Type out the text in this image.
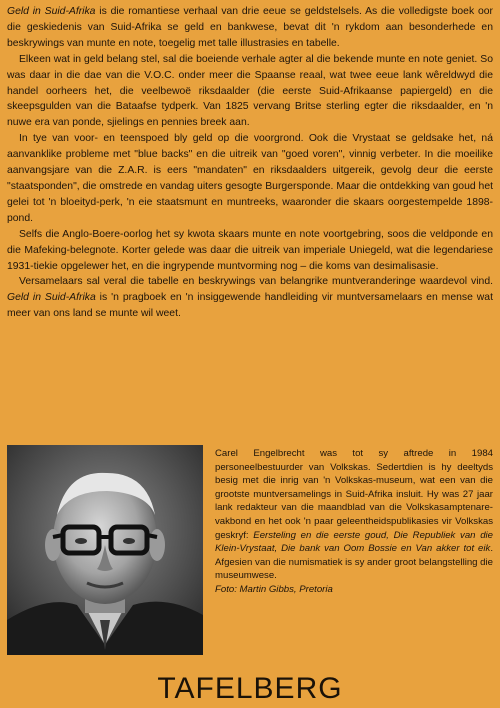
Geld in Suid-Afrika is die romantiese verhaal van drie eeue se geldstelsels. As die volledigste boek oor die geskiedenis van Suid-Afrika se geld en bankwese, bevat dit 'n rykdom aan besonderhede en beskrywings van munte en note, toegelig met talle illustrasies en tabelle.

Elkeen wat in geld belang stel, sal die boeiende verhale agter al die bekende munte en note geniet. So was daar in die dae van die V.O.C. onder meer die Spaanse reaal, wat twee eeue lank wêreldwyd die handel oorheers het, die veelbewoë riksdaalder (die eerste Suid-Afrikaanse papiergeld) en die skeepsgulden van die Bataafse tydperk. Van 1825 vervang Britse sterling egter die riksdaalder, en 'n nuwe era van ponde, sjielings en pennies breek aan.

In tye van voor- en teenspoed bly geld op die voorgrond. Ook die Vrystaat se geldsake het, ná aanvanklike probleme met "blue backs" en die uitreik van "goed voren", vinnig verbeter. In die moeilike aanvangsjare van die Z.A.R. is eers "mandaten" en riksdaalders uitgereik, gevolg deur die eerste "staatsponden", die omstrede en vandag uiters gesogte Burgersponde. Maar die ontdekking van goud het gelei tot 'n bloeityd-perk, 'n eie staatsmunt en muntreeks, waaronder die skaars oorgestempelde 1898-pond.

Selfs die Anglo-Boere-oorlog het sy kwota skaars munte en note voortgebring, soos die veldponde en die Mafeking-belegnote. Korter gelede was daar die uitreik van imperiale Uniegeld, wat die legendariese 1931-tiekie opgelewer het, en die ingrypende muntvorming nog – die koms van desimalisasie.

Versamelaars sal veral die tabelle en beskrywings van belangrike muntveranderinge waardevol vind. Geld in Suid-Afrika is 'n pragboek en 'n insiggewende handleiding vir muntversamelaars en mense wat meer van ons land se munte wil weet.

Carel Engelbrecht was tot sy aftrede in 1984 personeelbestuurder van Volkskas. Sedertdien is hy deeltyds besig met die inrig van 'n Volkskas-museum, wat een van die grootste muntversamelings in Suid-Afrika insluit. Hy was 27 jaar lank redakteur van die maandblad van die Volkskasamptenare-vakbond en het ook 'n paar geleentheidspublikasies vir Volkskas geskryf: Eersteling en die eerste goud, Die Republiek van die Klein-Vrystaat, Die bank van Oom Bossie en Van akker tot eik. Afgesien van die numismatiek is sy ander groot belangstelling die museumwese.

Foto: Martin Gibbs, Pretoria

TAFELBERG
